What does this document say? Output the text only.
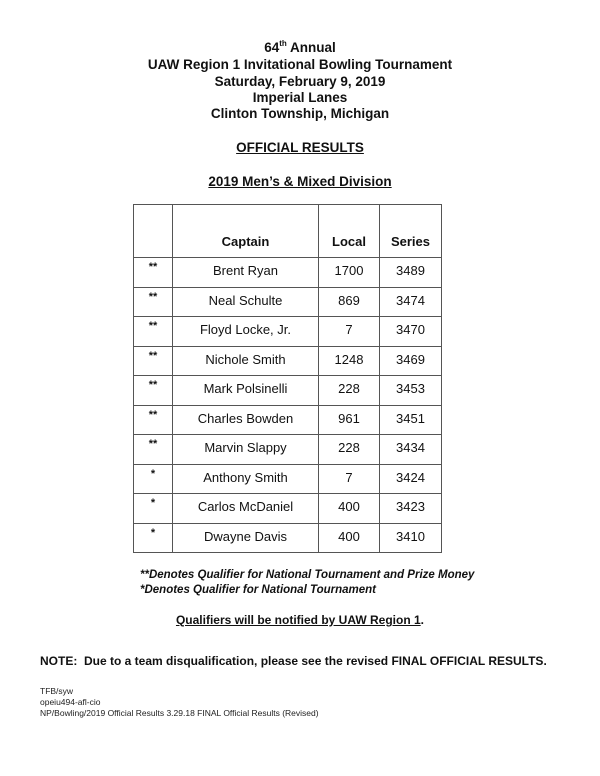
64th Annual
UAW Region 1 Invitational Bowling Tournament
Saturday, February 9, 2019
Imperial Lanes
Clinton Township, Michigan
OFFICIAL RESULTS
2019 Men’s & Mixed Division
	Captain	Local	Series
**	Brent Ryan	1700	3489
**	Neal Schulte	869	3474
**	Floyd Locke, Jr.	7	3470
**	Nichole Smith	1248	3469
**	Mark Polsinelli	228	3453
**	Charles Bowden	961	3451
**	Marvin Slappy	228	3434
*	Anthony Smith	7	3424
*	Carlos McDaniel	400	3423
*	Dwayne Davis	400	3410
**Denotes Qualifier for National Tournament and Prize Money
*Denotes Qualifier for National Tournament
Qualifiers will be notified by UAW Region 1.
NOTE:  Due to a team disqualification, please see the revised FINAL OFFICIAL RESULTS.
TFB/syw
opeiu494-afl-cio
NP/Bowling/2019 Official Results 3.29.18 FINAL Official Results (Revised)
